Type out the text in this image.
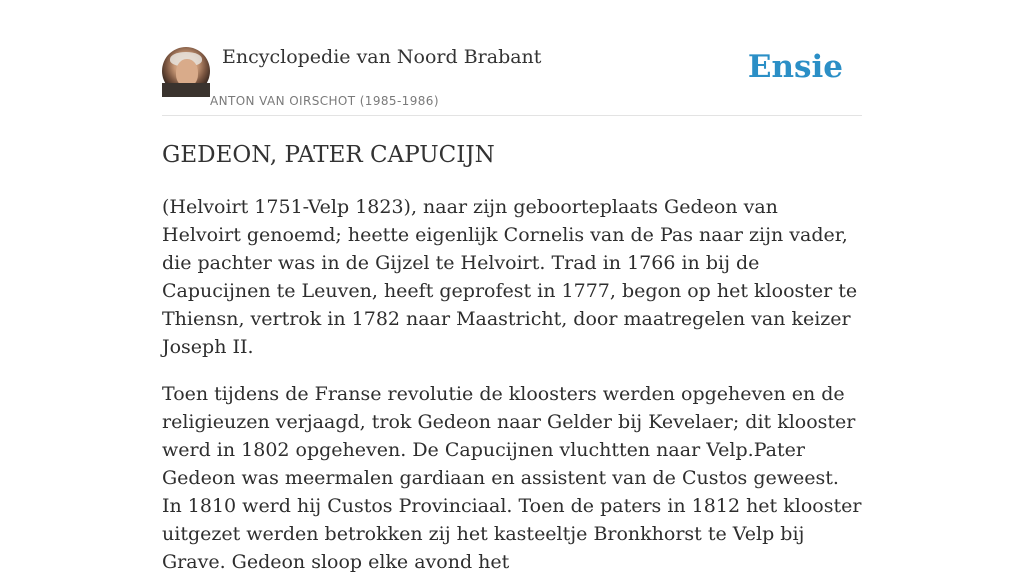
Encyclopedie van Noord Brabant
ANTON VAN OIRSCHOT (1985-1986)
Ensie
GEDEON, PATER CAPUCIJN

(Helvoirt 1751-Velp 1823), naar zijn geboorteplaats Gedeon van Helvoirt genoemd; heette eigenlijk Cornelis van de Pas naar zijn vader, die pachter was in de Gijzel te Helvoirt. Trad in 1766 in bij de Capucijnen te Leuven, heeft geprofest in 1777, begon op het klooster te Thiensn, vertrok in 1782 naar Maastricht, door maatregelen van keizer Joseph II.

Toen tijdens de Franse revolutie de kloosters werden opgeheven en de religieuzen verjaagd, trok Gedeon naar Gelder bij Kevelaer; dit klooster werd in 1802 opgeheven. De Capucijnen vluchtten naar Velp.Pater Gedeon was meermalen gardiaan en assistent van de Custos geweest. In 1810 werd hij Custos Provinciaal. Toen de paters in 1812 het klooster uitgezet werden betrokken zij het kasteeltje Bronkhorst te Velp bij Grave. Gedeon sloop elke avond het
